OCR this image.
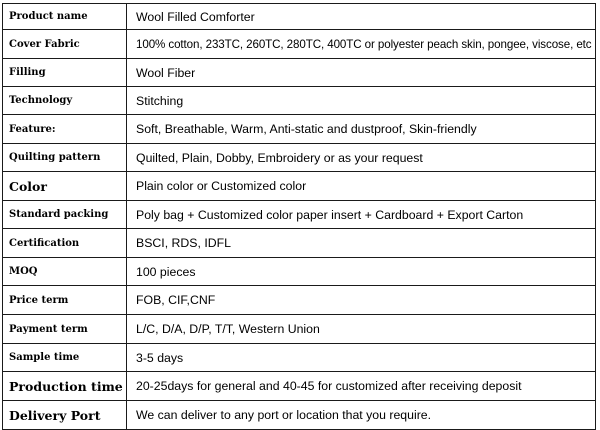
Product name	Wool Filled Comforter
Cover Fabric	100% cotton, 233TC, 260TC, 280TC, 400TC or polyester peach skin, pongee, viscose, etc
Filling	Wool Fiber
Technology	Stitching
Feature:	Soft, Breathable, Warm, Anti-static and dustproof, Skin-friendly
Quilting pattern	Quilted, Plain, Dobby, Embroidery or as your request
Color	Plain color or Customized color
Standard packing	Poly bag + Customized color paper insert + Cardboard + Export Carton
Certification	BSCI, RDS, IDFL
MOQ	100 pieces
Price term	FOB, CIF,CNF
Payment term	L/C, D/A, D/P, T/T, Western Union
Sample time	3-5 days
Production time	20-25days for general and 40-45 for customized after receiving deposit
Delivery Port	We can deliver to any port or location that you require.
